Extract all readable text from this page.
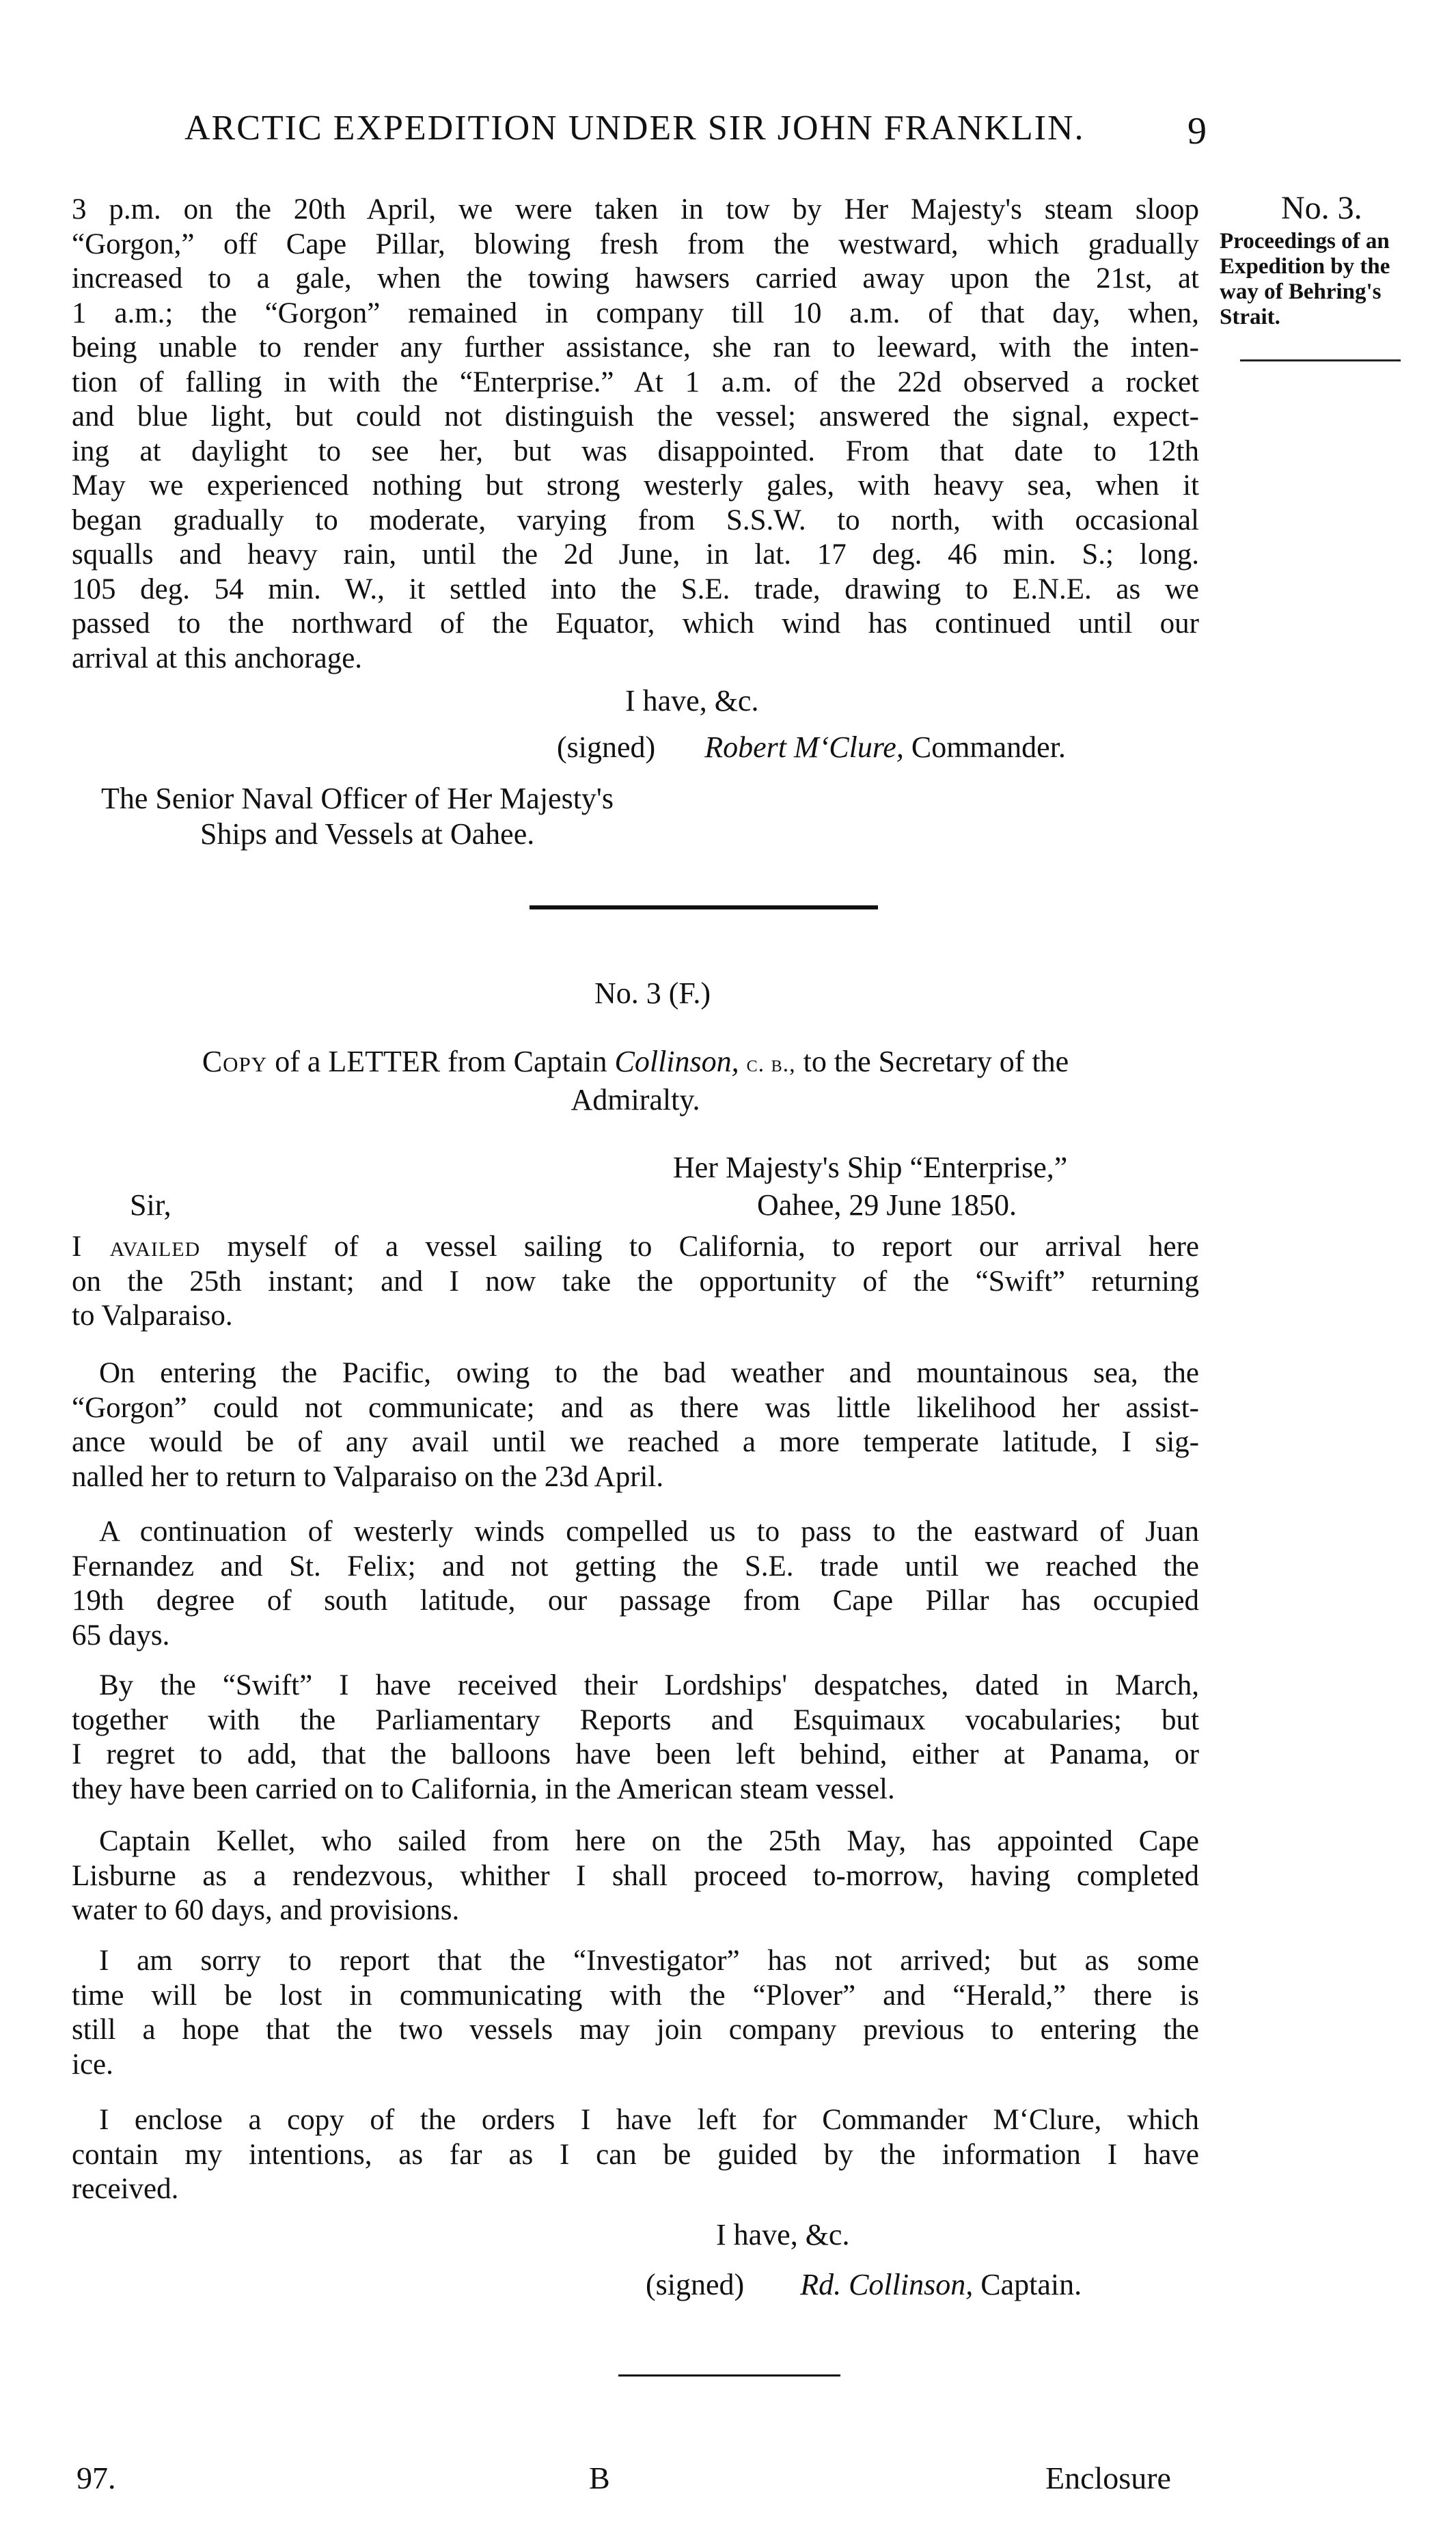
ARCTIC EXPEDITION UNDER SIR JOHN FRANKLIN.	9
No. 3.
Proceedings of an
Expedition by the
way of Behring's
Strait.
3 p.m. on the 20th April, we were taken in tow by Her Majesty's steam sloop
“Gorgon,” off Cape Pillar, blowing fresh from the westward, which gradually
increased to a gale, when the towing hawsers carried away upon the 21st, at
1 a.m.; the “Gorgon” remained in company till 10 a.m. of that day, when,
being unable to render any further assistance, she ran to leeward, with the inten-
tion of falling in with the “Enterprise.” At 1 a.m. of the 22d observed a rocket
and blue light, but could not distinguish the vessel; answered the signal, expect-
ing at daylight to see her, but was disappointed. From that date to 12th
May we experienced nothing but strong westerly gales, with heavy sea, when it
began gradually to moderate, varying from S.S.W. to north, with occasional
squalls and heavy rain, until the 2d June, in lat. 17 deg. 46 min. S.; long.
105 deg. 54 min. W., it settled into the S.E. trade, drawing to E.N.E. as we
passed to the northward of the Equator, which wind has continued until our
arrival at this anchorage.
I have, &c.
(signed) Robert M‘Clure, Commander.
The Senior Naval Officer of Her Majesty's
Ships and Vessels at Oahee.
No. 3 (F.)
Copy of a LETTER from Captain Collinson, c. b., to the Secretary of the
Admiralty.
Her Majesty's Ship “Enterprise,”
Sir,	Oahee, 29 June 1850.
I availed myself of a vessel sailing to California, to report our arrival here
on the 25th instant; and I now take the opportunity of the “Swift” returning
to Valparaiso.
On entering the Pacific, owing to the bad weather and mountainous sea, the
“Gorgon” could not communicate; and as there was little likelihood her assist-
ance would be of any avail until we reached a more temperate latitude, I sig-
nalled her to return to Valparaiso on the 23d April.
A continuation of westerly winds compelled us to pass to the eastward of Juan
Fernandez and St. Felix; and not getting the S.E. trade until we reached the
19th degree of south latitude, our passage from Cape Pillar has occupied
65 days.
By the “Swift” I have received their Lordships' despatches, dated in March,
together with the Parliamentary Reports and Esquimaux vocabularies; but
I regret to add, that the balloons have been left behind, either at Panama, or
they have been carried on to California, in the American steam vessel.
Captain Kellet, who sailed from here on the 25th May, has appointed Cape
Lisburne as a rendezvous, whither I shall proceed to-morrow, having completed
water to 60 days, and provisions.
I am sorry to report that the “Investigator” has not arrived; but as some
time will be lost in communicating with the “Plover” and “Herald,” there is
still a hope that the two vessels may join company previous to entering the
ice.
I enclose a copy of the orders I have left for Commander M‘Clure, which
contain my intentions, as far as I can be guided by the information I have
received.
I have, &c.
(signed) Rd. Collinson, Captain.
97.	B	Enclosure
